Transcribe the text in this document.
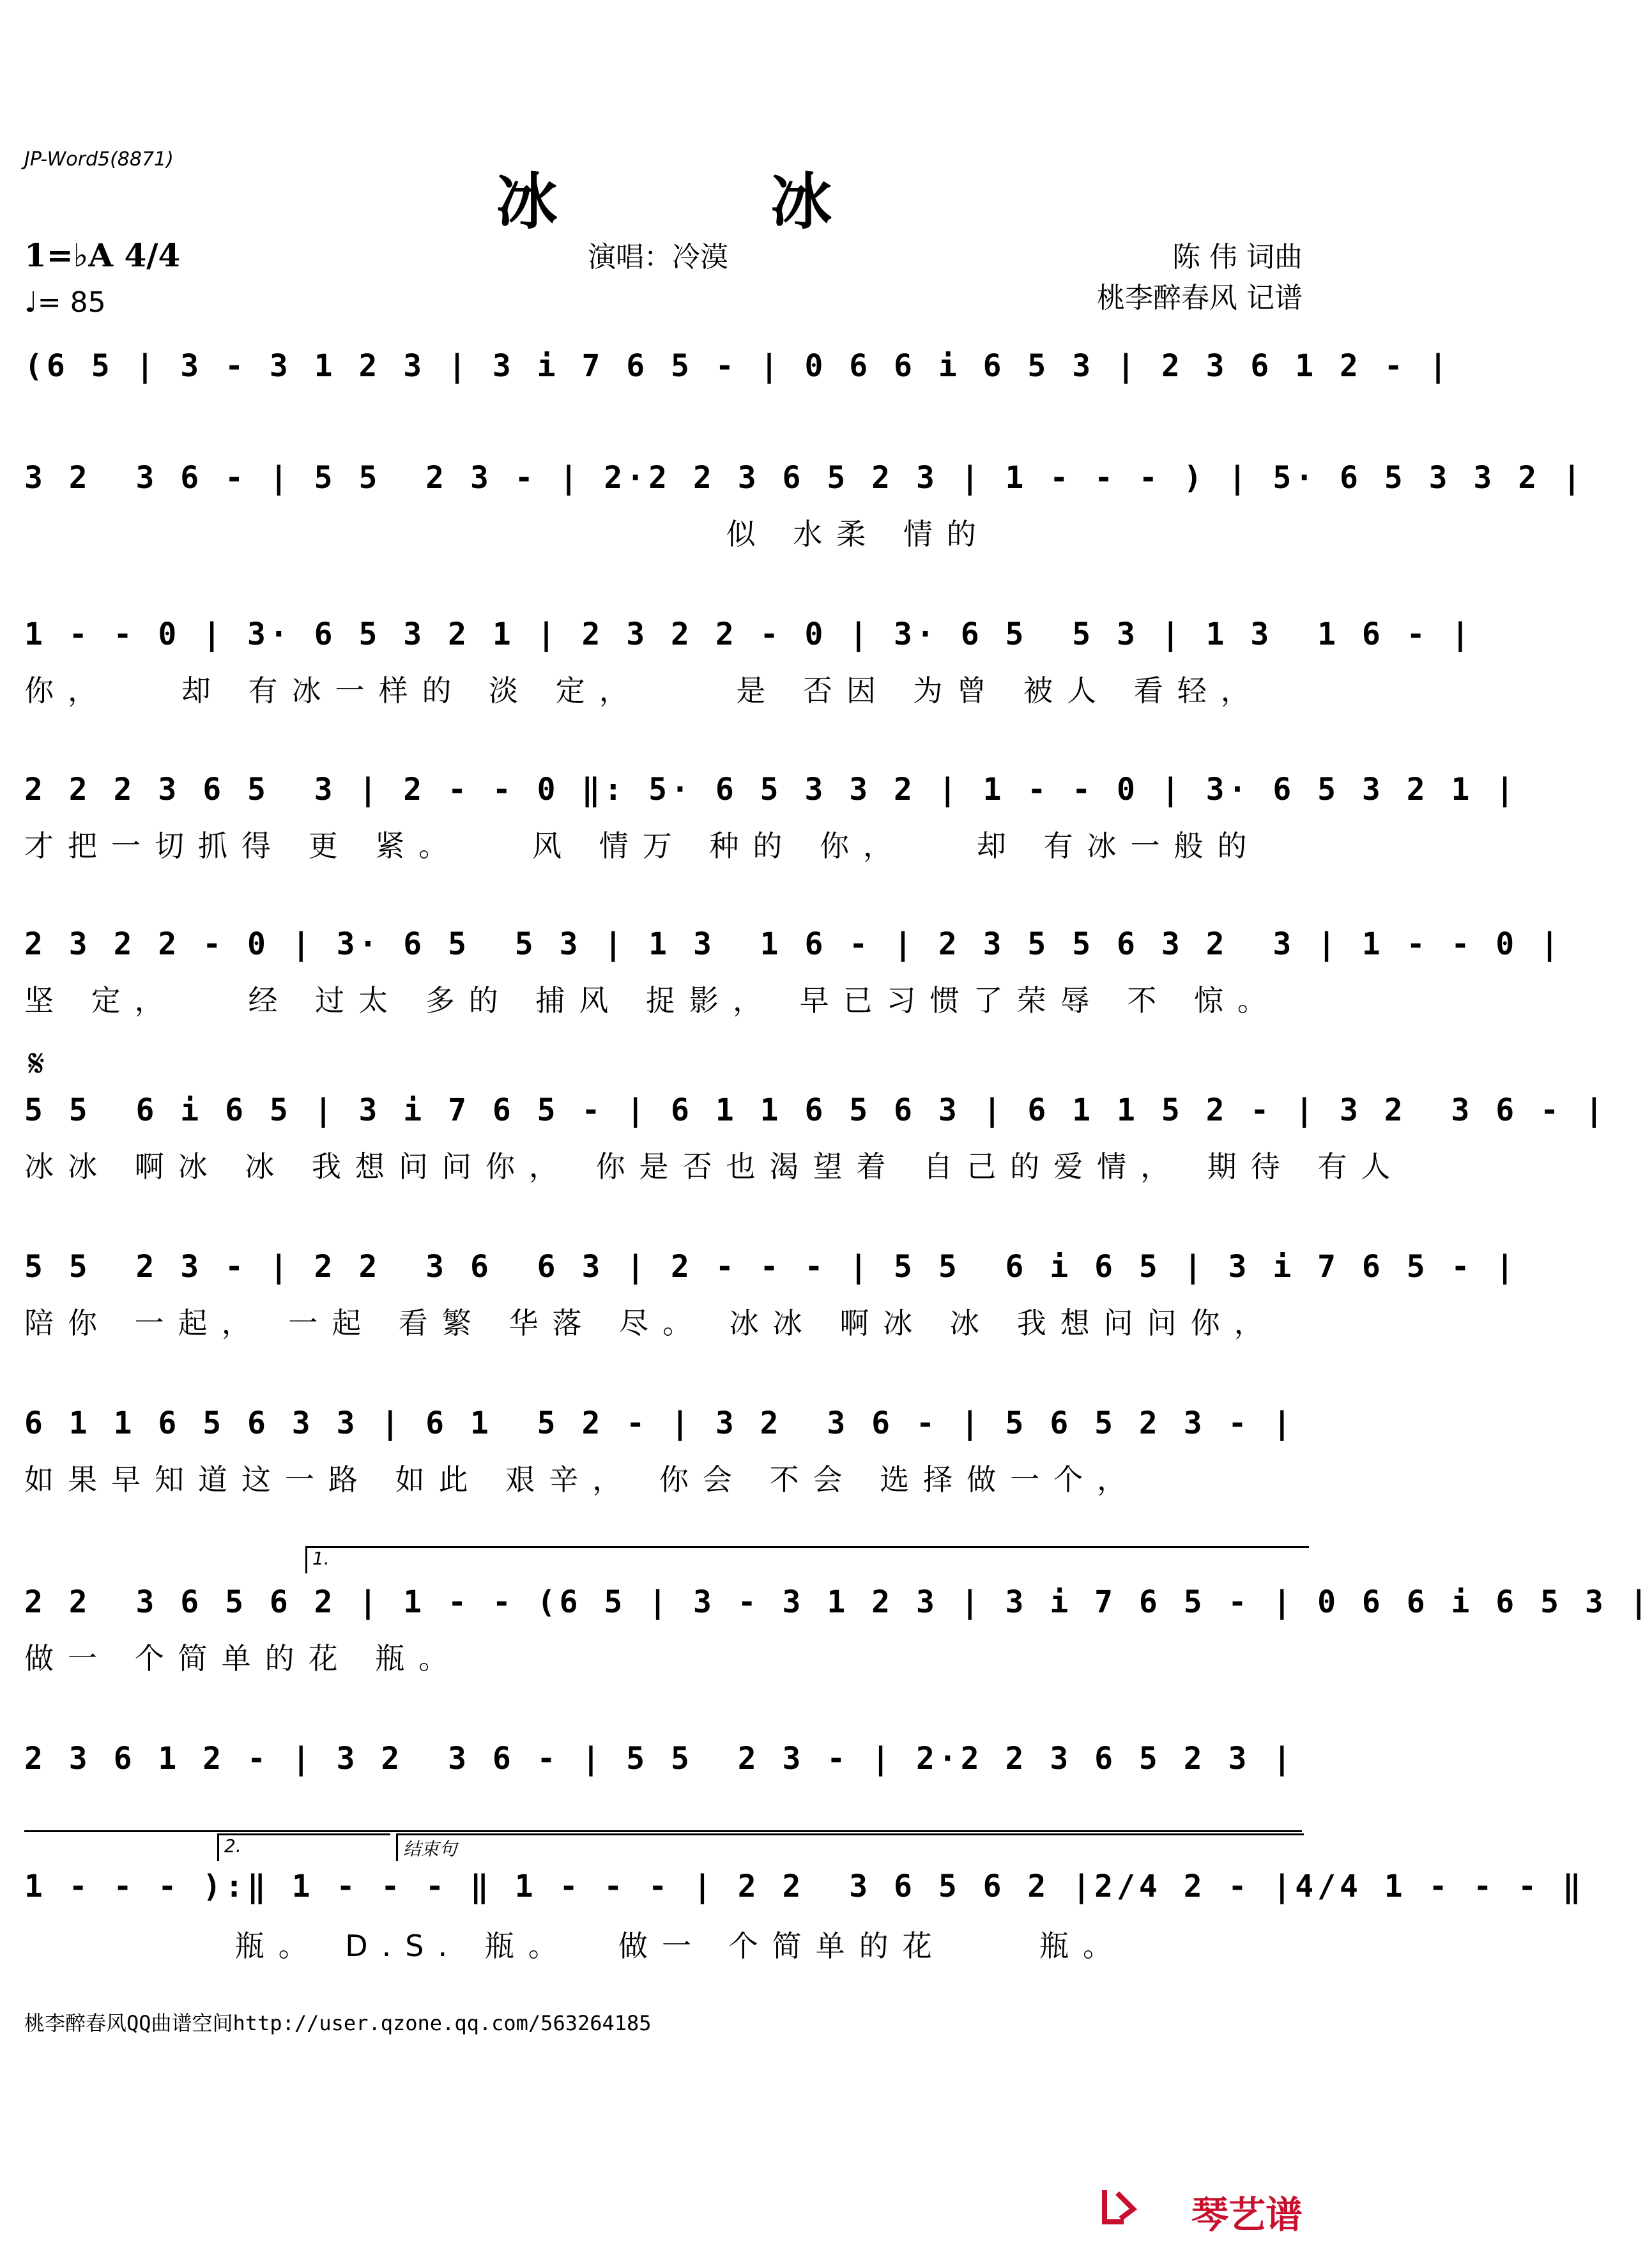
JP-Word5(8871)
冰 冰
1=♭A 4/4
♩= 85
演唱：冷漠	陈 伟 词曲
桃李醉春风 记谱
(6 5 | 3 - 3 1 2 3 | 3 i 7 6 5 - | 0 6 6 i 6 5 3 | 2 3 6 1 2 - |
3 2  3 6 - | 5 5  2 3 - | 2·2 2 3 6 5 2 3 | 1 - - - ) | 5· 6 5 3 3 2 |
似 水柔 情的
1 - - 0 | 3· 6 5 3 2 1 | 2 3 2 2 - 0 | 3· 6 5  5 3 | 1 3  1 6 - |
你，   却 有冰一样的 淡 定，    是 否因 为曾 被人 看轻，
2 2 2 3 6 5  3 | 2 - - 0 ‖: 5· 6 5 3 3 2 | 1 - - 0 | 3· 6 5 3 2 1 |
才把一切抓得 更 紧。   风 情万 种的 你，   却 有冰一般的
2 3 2 2 - 0 | 3· 6 5  5 3 | 1 3  1 6 - | 2 3 5 5 6 3 2  3 | 1 - - 0 |
坚 定，   经 过太 多的 捕风 捉影， 早已习惯了荣辱 不 惊。
𝄋
5 5  6 i 6 5 | 3 i 7 6 5 - | 6 1 1 6 5 6 3 | 6 1 1 5 2 - | 3 2  3 6 - |
冰冰 啊冰 冰 我想问问你， 你是否也渴望着 自己的爱情， 期待 有人
5 5  2 3 - | 2 2  3 6  6 3 | 2 - - - | 5 5  6 i 6 5 | 3 i 7 6 5 - |
陪你 一起， 一起 看繁 华落 尽。 冰冰 啊冰 冰 我想问问你，
6 1 1 6 5 6 3 3 | 6 1  5 2 - | 3 2  3 6 - | 5 6 5 2 3 - |
如果早知道这一路 如此 艰辛， 你会 不会 选择做一个，
1.
2 2  3 6 5 6 2 | 1 - - (6 5 | 3 - 3 1 2 3 | 3 i 7 6 5 - | 0 6 6 i 6 5 3 |
做一 个简单的花 瓶。
2 3 6 1 2 - | 3 2  3 6 - | 5 5  2 3 - | 2·2 2 3 6 5 2 3 |
2.	结束句
1 - - - ):‖ 1 - - - ‖ 1 - - - | 2 2  3 6 5 6 2 |2/4 2 - |4/4 1 - - - ‖
瓶。 D.S. 瓶。  做一 个简单的花    瓶。
桃李醉春风QQ曲谱空间http://user.qzone.qq.com/563264185
琴艺谱
